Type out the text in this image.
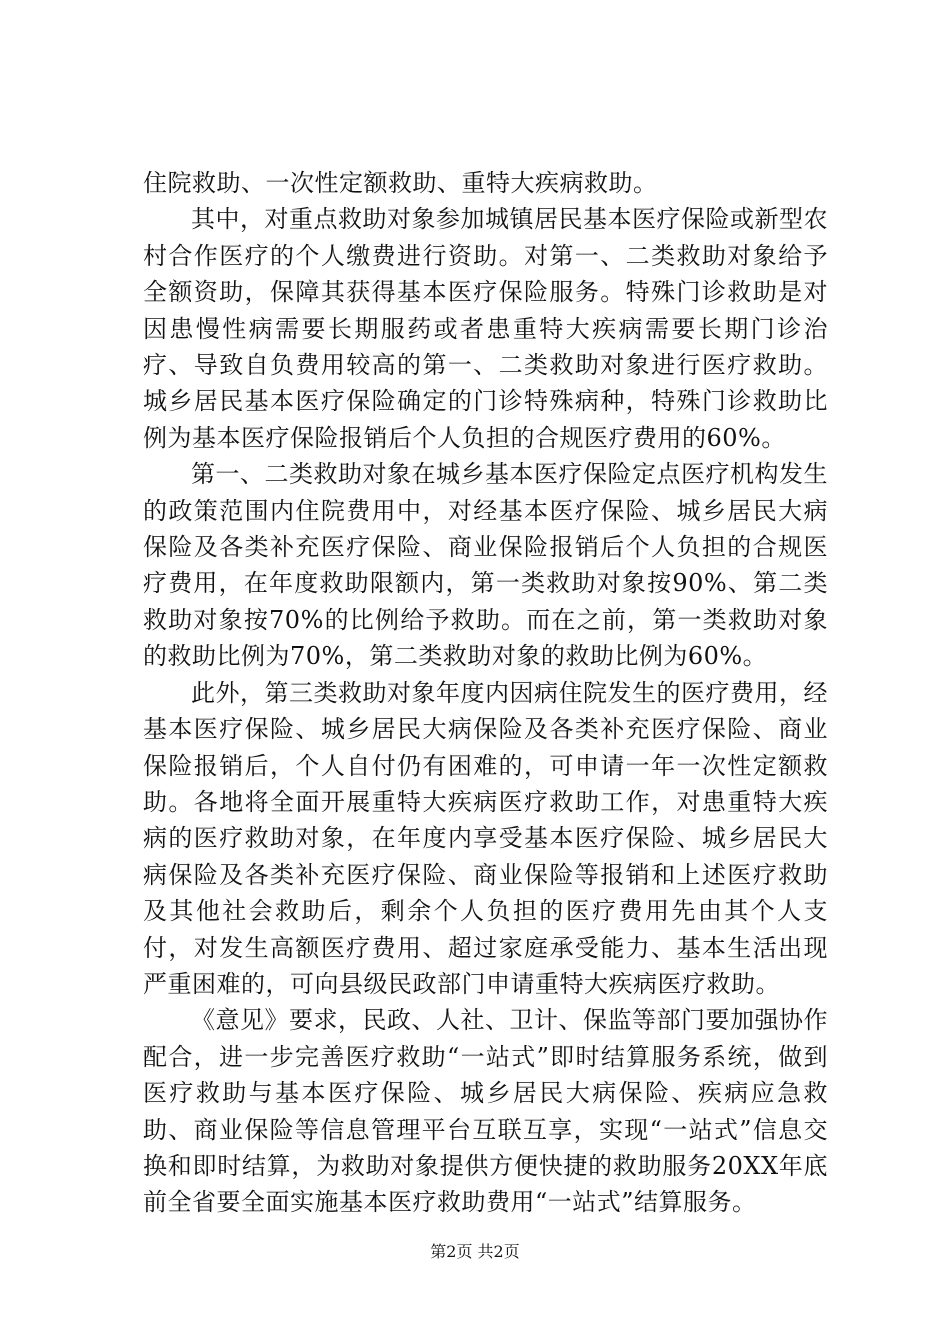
住院救助、一次性定额救助、重特大疾病救助。

其中，对重点救助对象参加城镇居民基本医疗保险或新型农村合作医疗的个人缴费进行资助。对第一、二类救助对象给予全额资助，保障其获得基本医疗保险服务。特殊门诊救助是对因患慢性病需要长期服药或者患重特大疾病需要长期门诊治疗、导致自负费用较高的第一、二类救助对象进行医疗救助。城乡居民基本医疗保险确定的门诊特殊病种，特殊门诊救助比例为基本医疗保险报销后个人负担的合规医疗费用的60%。

第一、二类救助对象在城乡基本医疗保险定点医疗机构发生的政策范围内住院费用中，对经基本医疗保险、城乡居民大病保险及各类补充医疗保险、商业保险报销后个人负担的合规医疗费用，在年度救助限额内，第一类救助对象按90%、第二类救助对象按70%的比例给予救助。而在之前，第一类救助对象的救助比例为70%，第二类救助对象的救助比例为60%。

此外，第三类救助对象年度内因病住院发生的医疗费用，经基本医疗保险、城乡居民大病保险及各类补充医疗保险、商业保险报销后，个人自付仍有困难的，可申请一年一次性定额救助。各地将全面开展重特大疾病医疗救助工作，对患重特大疾病的医疗救助对象，在年度内享受基本医疗保险、城乡居民大病保险及各类补充医疗保险、商业保险等报销和上述医疗救助及其他社会救助后，剩余个人负担的医疗费用先由其个人支付，对发生高额医疗费用、超过家庭承受能力、基本生活出现严重困难的，可向县级民政部门申请重特大疾病医疗救助。

《意见》要求，民政、人社、卫计、保监等部门要加强协作配合，进一步完善医疗救助“一站式”即时结算服务系统，做到医疗救助与基本医疗保险、城乡居民大病保险、疾病应急救助、商业保险等信息管理平台互联互享，实现“一站式”信息交换和即时结算，为救助对象提供方便快捷的救助服务20XX年底前全省要全面实施基本医疗救助费用“一站式”结算服务。

第2页 共2页
